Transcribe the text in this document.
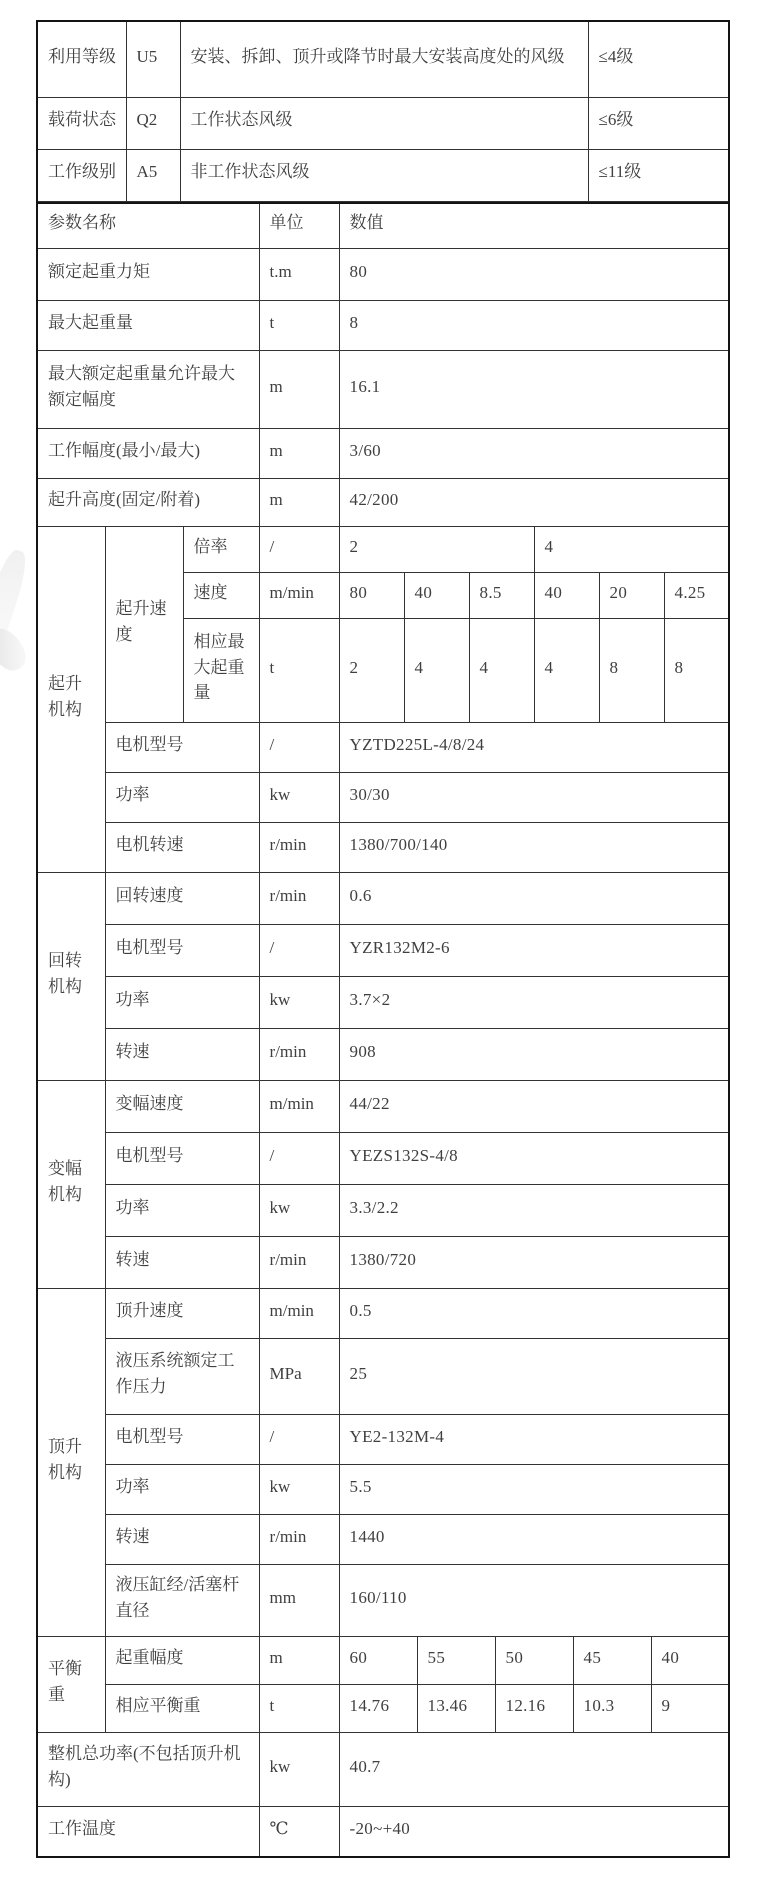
利用等级	U5	安装、拆卸、顶升或降节时最大安装高度处的风级	≤4级
载荷状态	Q2	工作状态风级	≤6级
工作级别	A5	非工作状态风级	≤11级
参数名称			单位	数值									
额定起重力矩			t.m	80									
最大起重量			t	8									
最大额定起重量允许最大额定幅度			m	16.1									
工作幅度(最小/最大)			m	3/60									
起升高度(固定/附着)			m	42/200									
起升机构	起升速度	倍率	/	2					4				
		速度	m/min	80	40		8.5		40		20		4.25
		相应最大起重量	t	2	4		4		4		8		8
	电机型号		/	YZTD225L-4/8/24									
	功率		kw	30/30									
	电机转速		r/min	1380/700/140									
回转机构	回转速度		r/min	0.6									
	电机型号		/	YZR132M2-6									
	功率		kw	3.7×2									
	转速		r/min	908									
变幅机构	变幅速度		m/min	44/22									
	电机型号		/	YEZS132S-4/8									
	功率		kw	3.3/2.2									
	转速		r/min	1380/720									
顶升机构	顶升速度		m/min	0.5									
	液压系统额定工作压力		MPa	25									
	电机型号		/	YE2-132M-4									
	功率		kw	5.5									
	转速		r/min	1440									
	液压缸经/活塞杆直径		mm	160/110									
平衡重	起重幅度		m	60		55		50		45		40	
	相应平衡重		t	14.76		13.46		12.16		10.3		9	
整机总功率(不包括顶升机构)			kw	40.7									
工作温度			℃	-20~+40									
